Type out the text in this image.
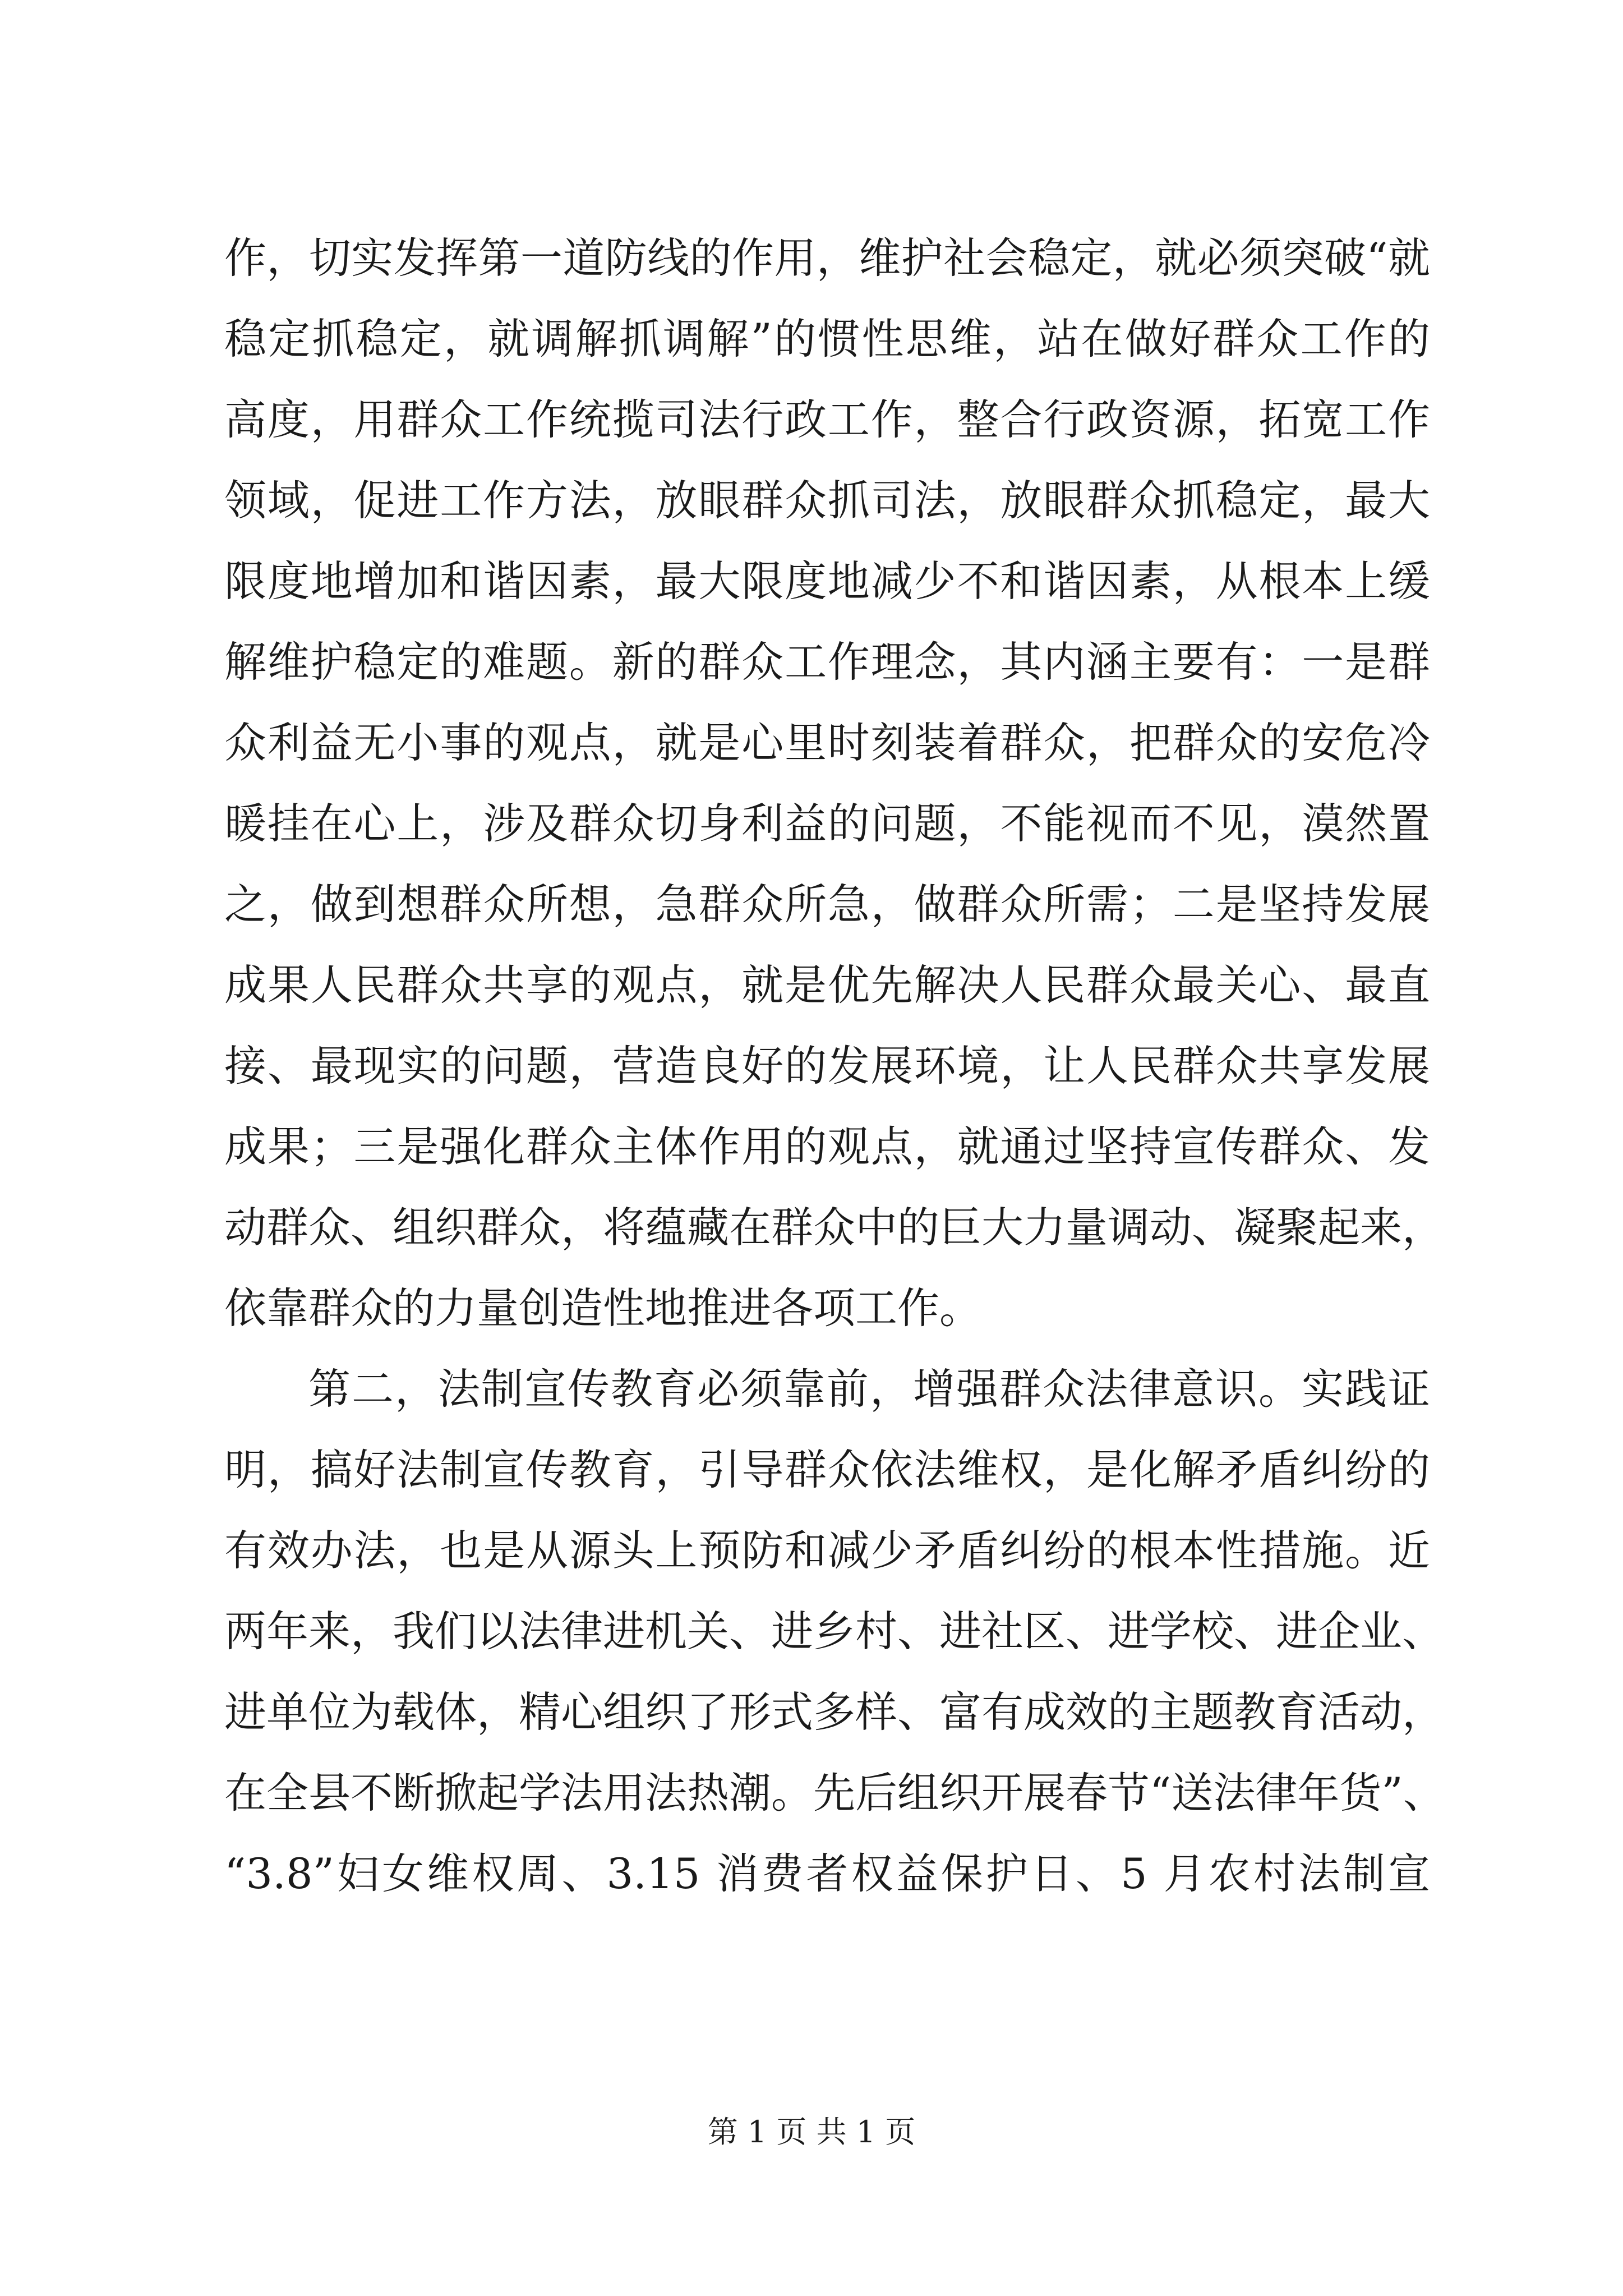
作，切实发挥第一道防线的作用，维护社会稳定，就必须突破“就
稳定抓稳定，就调解抓调解”的惯性思维，站在做好群众工作的
高度，用群众工作统揽司法行政工作，整合行政资源，拓宽工作
领域，促进工作方法，放眼群众抓司法，放眼群众抓稳定，最大
限度地增加和谐因素，最大限度地减少不和谐因素，从根本上缓
解维护稳定的难题。新的群众工作理念，其内涵主要有：一是群
众利益无小事的观点，就是心里时刻装着群众，把群众的安危冷
暖挂在心上，涉及群众切身利益的问题，不能视而不见，漠然置
之，做到想群众所想，急群众所急，做群众所需；二是坚持发展
成果人民群众共享的观点，就是优先解决人民群众最关心、最直
接、最现实的问题，营造良好的发展环境，让人民群众共享发展
成果；三是强化群众主体作用的观点，就通过坚持宣传群众、发
动群众、组织群众，将蕴藏在群众中的巨大力量调动、凝聚起来，
依靠群众的力量创造性地推进各项工作。
第二，法制宣传教育必须靠前，增强群众法律意识。实践证
明，搞好法制宣传教育，引导群众依法维权，是化解矛盾纠纷的
有效办法，也是从源头上预防和减少矛盾纠纷的根本性措施。近
两年来，我们以法律进机关、进乡村、进社区、进学校、进企业、
进单位为载体，精心组织了形式多样、富有成效的主题教育活动，
在全县不断掀起学法用法热潮。先后组织开展春节“送法律年货”、
“3.8”妇女维权周、3.15 消费者权益保护日、5 月农村法制宣
第 1 页 共 1 页
